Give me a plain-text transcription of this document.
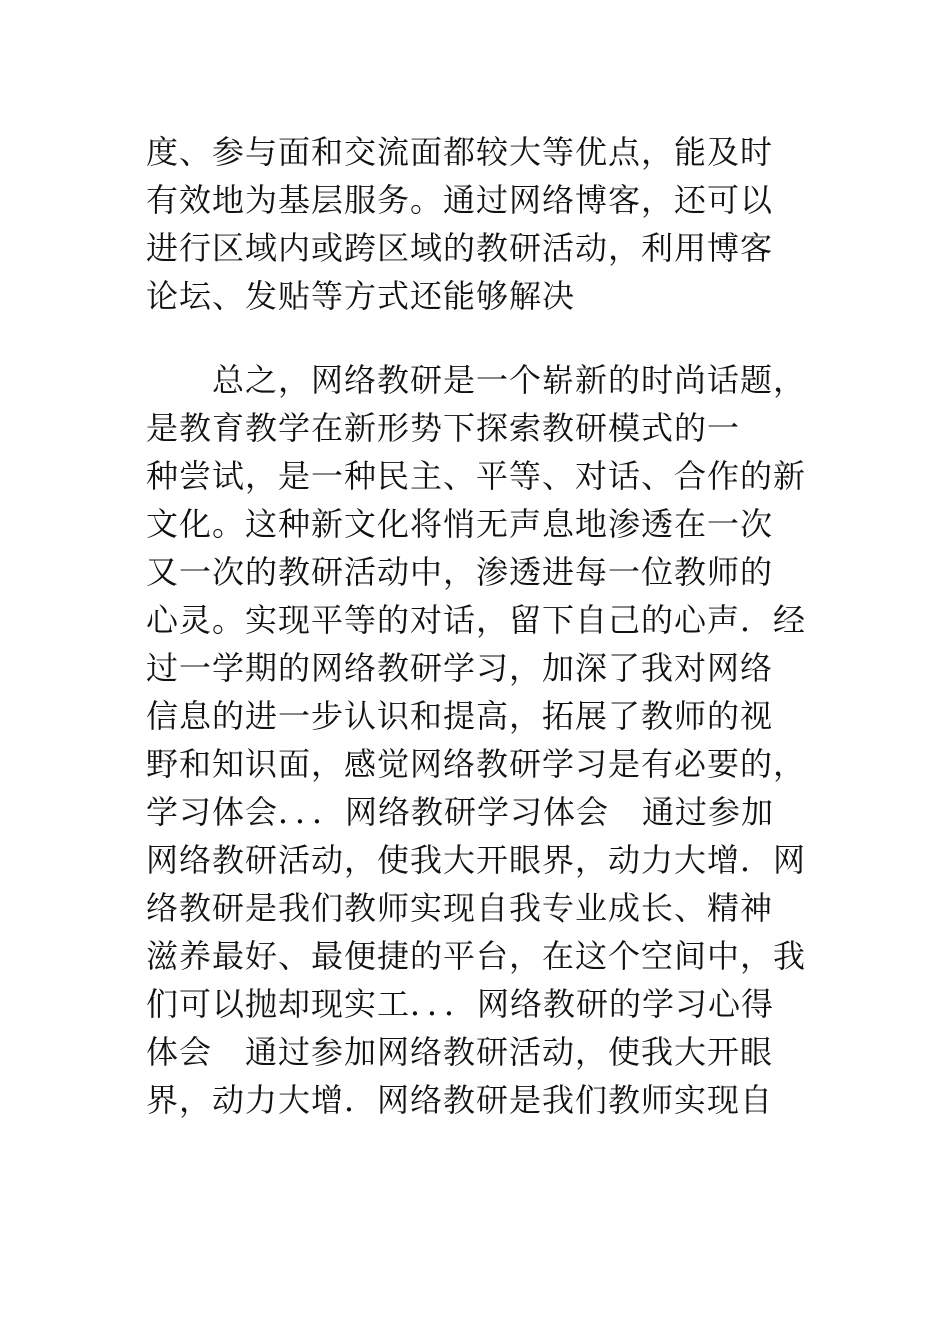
度、参与面和交流面都较大等优点，能及时
有效地为基层服务。通过网络博客，还可以
进行区域内或跨区域的教研活动，利用博客
论坛、发贴等方式还能够解决
　　总之，网络教研是一个崭新的时尚话题，
是教育教学在新形势下探索教研模式的一
种尝试，是一种民主、平等、对话、合作的新
文化。这种新文化将悄无声息地渗透在一次
又一次的教研活动中，渗透进每一位教师的
心灵。实现平等的对话，留下自己的心声．经
过一学期的网络教研学习，加深了我对网络
信息的进一步认识和提高，拓展了教师的视
野和知识面，感觉网络教研学习是有必要的，
学习体会．．．网络教研学习体会　通过参加
网络教研活动，使我大开眼界，动力大增．网
络教研是我们教师实现自我专业成长、精神
滋养最好、最便捷的平台，在这个空间中，我
们可以抛却现实工．．．网络教研的学习心得
体会　通过参加网络教研活动，使我大开眼
界，动力大增．网络教研是我们教师实现自
